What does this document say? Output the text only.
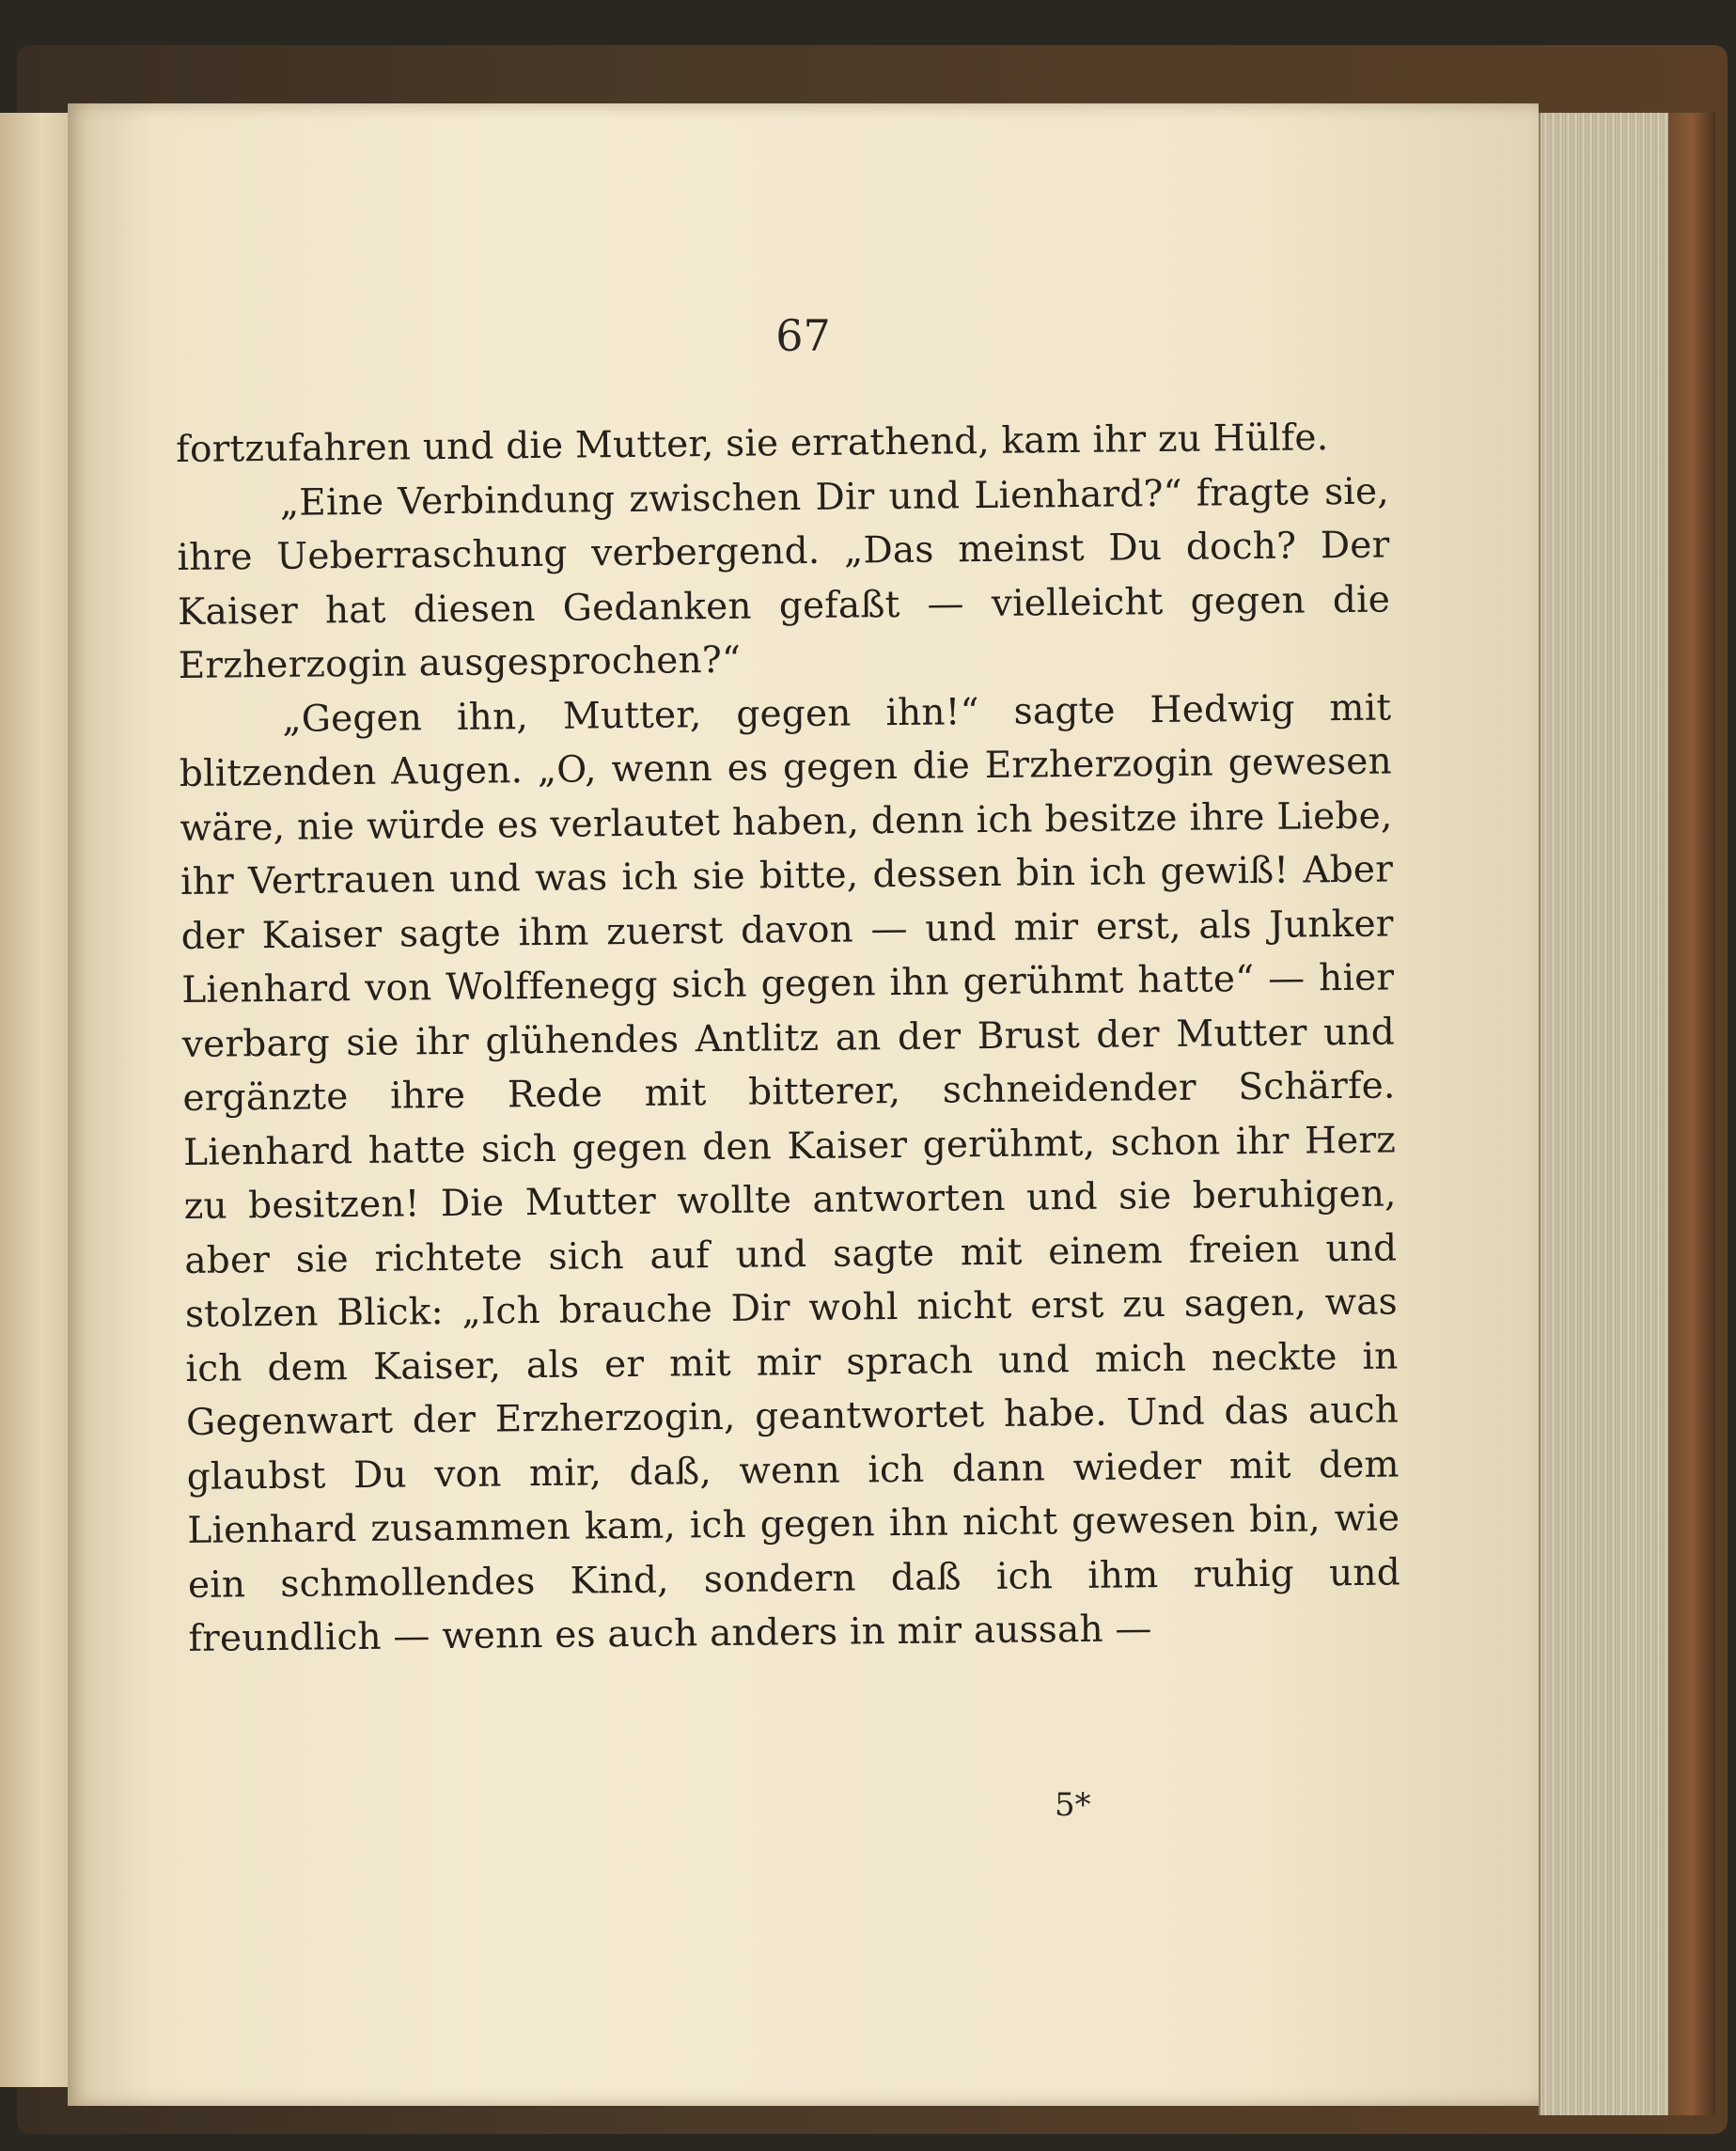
67

fortzufahren und die Mutter, sie errathend, kam ihr zu Hülfe.

„Eine Verbindung zwischen Dir und Lienhard?“ fragte sie, ihre Ueberraschung verbergend. „Das meinst Du doch? Der Kaiser hat diesen Gedanken gefaßt — vielleicht gegen die Erzherzogin ausgesprochen?“

„Gegen ihn, Mutter, gegen ihn!“ sagte Hedwig mit blitzenden Augen. „O, wenn es gegen die Erzherzogin gewesen wäre, nie würde es verlautet haben, denn ich besitze ihre Liebe, ihr Vertrauen und was ich sie bitte, dessen bin ich gewiß! Aber der Kaiser sagte ihm zuerst davon — und mir erst, als Junker Lienhard von Wolffenegg sich gegen ihn gerühmt hatte“ — hier verbarg sie ihr glühendes Antlitz an der Brust der Mutter und ergänzte ihre Rede mit bitterer, schneidender Schärfe. Lienhard hatte sich gegen den Kaiser gerühmt, schon ihr Herz zu besitzen! Die Mutter wollte antworten und sie beruhigen, aber sie richtete sich auf und sagte mit einem freien und stolzen Blick: „Ich brauche Dir wohl nicht erst zu sagen, was ich dem Kaiser, als er mit mir sprach und mich neckte in Gegenwart der Erzherzogin, geantwortet habe. Und das auch glaubst Du von mir, daß, wenn ich dann wieder mit dem Lienhard zusammen kam, ich gegen ihn nicht gewesen bin, wie ein schmollendes Kind, sondern daß ich ihm ruhig und freundlich — wenn es auch anders in mir aussah —

5*
